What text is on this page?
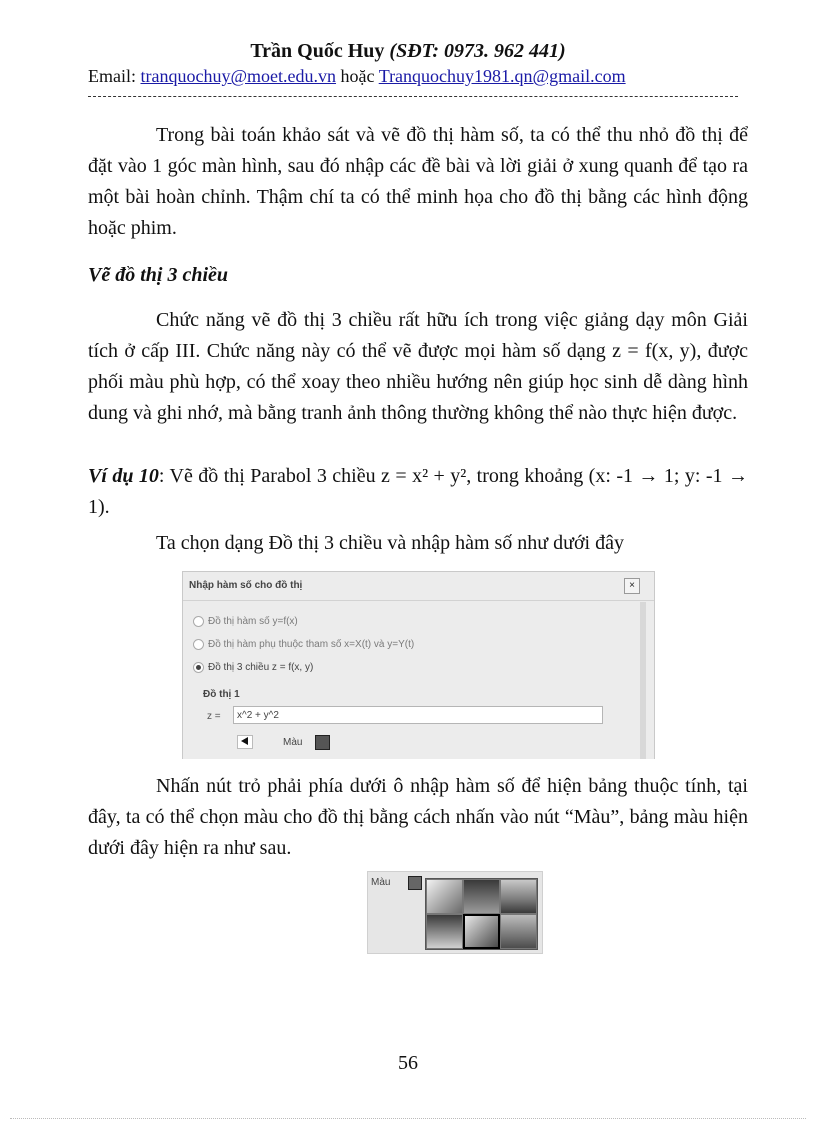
Trần Quốc Huy (SĐT: 0973. 962 441)
Email: tranquochuy@moet.edu.vn hoặc Tranquochuy1981.qn@gmail.com

Trong bài toán khảo sát và vẽ đồ thị hàm số, ta có thể thu nhỏ đồ thị để đặt vào 1 góc màn hình, sau đó nhập các đề bài và lời giải ở xung quanh để tạo ra một bài hoàn chỉnh. Thậm chí ta có thể minh họa cho đồ thị bằng các hình động hoặc phim.

Vẽ đồ thị 3 chiều

Chức năng vẽ đồ thị 3 chiều rất hữu ích trong việc giảng dạy môn Giải tích ở cấp III. Chức năng này có thể vẽ được mọi hàm số dạng z = f(x, y), được phối màu phù hợp, có thể xoay theo nhiều hướng nên giúp học sinh dễ dàng hình dung và ghi nhớ, mà bằng tranh ảnh thông thường không thể nào thực hiện được.

Ví dụ 10: Vẽ đồ thị Parabol 3 chiều z = x² + y², trong khoảng (x: -1 → 1; y: -1 → 1).

Ta chọn dạng Đồ thị 3 chiều và nhập hàm số như dưới đây
Nhập hàm số cho đồ thị	×
Đồ thị hàm số y=f(x)
Đồ thị hàm phụ thuộc tham số x=X(t) và y=Y(t)
Đồ thị 3 chiều z = f(x, y)
Đồ thị 1
z =	x^2 + y^2
Màu

Nhấn nút trỏ phải phía dưới ô nhập hàm số để hiện bảng thuộc tính, tại đây, ta có thể chọn màu cho đồ thị bằng cách nhấn vào nút “Màu”, bảng màu hiện dưới đây hiện ra như sau.

Màu
56
